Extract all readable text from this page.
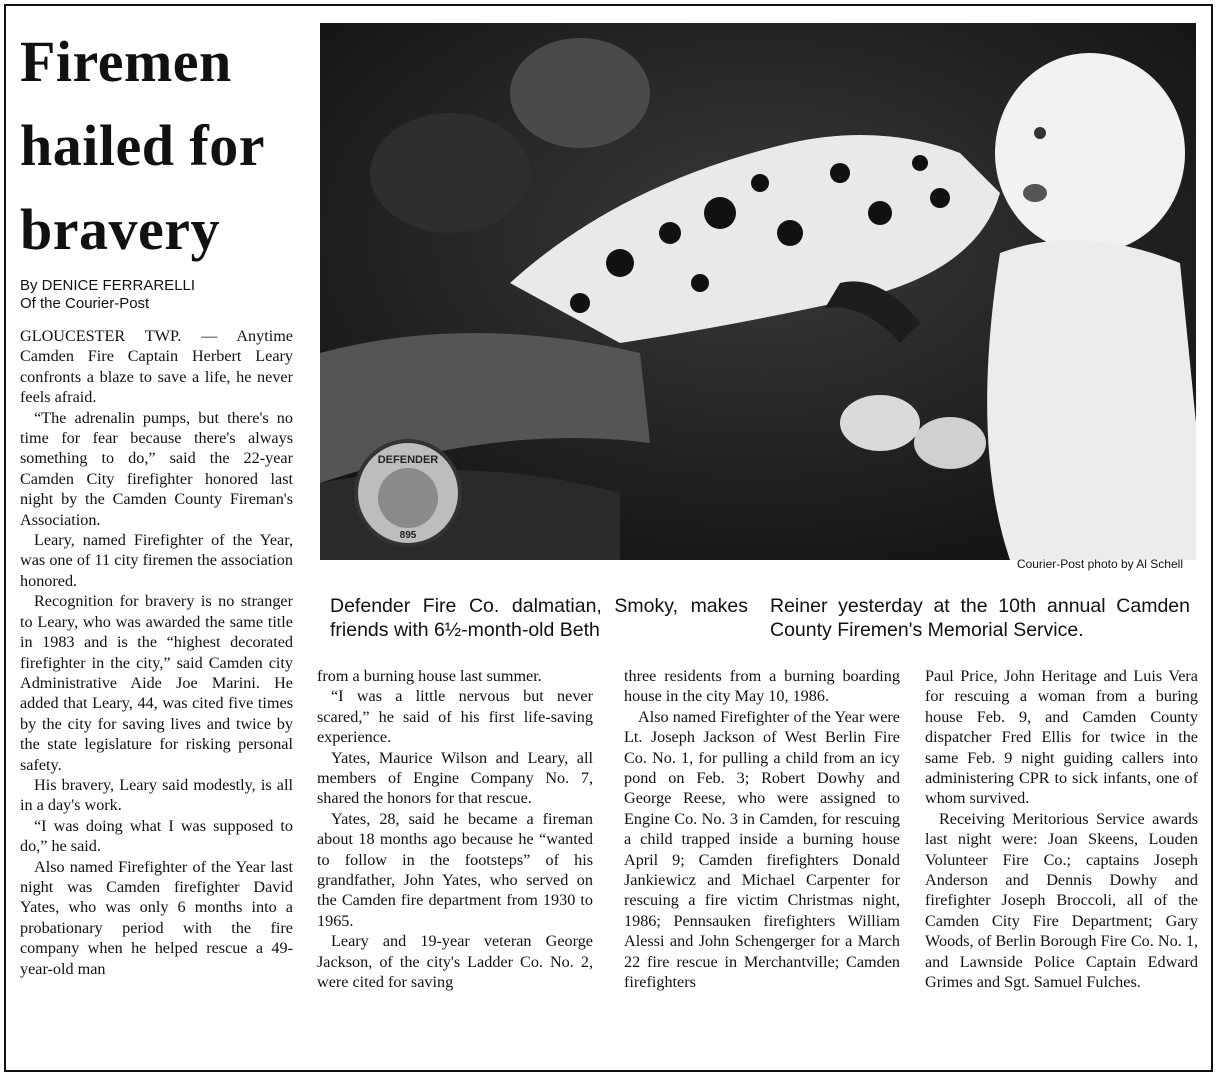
Firemen
hailed for
bravery
By DENICE FERRARELLI
Of the Courier-Post
DEFENDER
895
Courier-Post photo by Al Schell
Defender Fire Co. dalmatian, Smoky, makes friends with 6½-month-old Beth
Reiner yesterday at the 10th annual Camden County Firemen's Memorial Service.

GLOUCESTER TWP. — Anytime Camden Fire Captain Herbert Leary confronts a blaze to save a life, he never feels afraid.

“The adrenalin pumps, but there's no time for fear because there's always something to do,” said the 22-year Camden City firefighter honored last night by the Camden County Fireman's Association.

Leary, named Firefighter of the Year, was one of 11 city firemen the association honored.

Recognition for bravery is no stranger to Leary, who was awarded the same title in 1983 and is the “highest decorated firefighter in the city,” said Camden city Administrative Aide Joe Marini. He added that Leary, 44, was cited five times by the city for saving lives and twice by the state legislature for risking personal safety.

His bravery, Leary said modestly, is all in a day's work.

“I was doing what I was supposed to do,” he said.

Also named Firefighter of the Year last night was Camden firefighter David Yates, who was only 6 months into a probationary period with the fire company when he helped rescue a 49-year-old man

from a burning house last summer.

“I was a little nervous but never scared,” he said of his first life-saving experience.

Yates, Maurice Wilson and Leary, all members of Engine Company No. 7, shared the honors for that rescue.

Yates, 28, said he became a fireman about 18 months ago because he “wanted to follow in the footsteps” of his grandfather, John Yates, who served on the Camden fire department from 1930 to 1965.

Leary and 19-year veteran George Jackson, of the city's Ladder Co. No. 2, were cited for saving

three residents from a burning boarding house in the city May 10, 1986.

Also named Firefighter of the Year were Lt. Joseph Jackson of West Berlin Fire Co. No. 1, for pulling a child from an icy pond on Feb. 3; Robert Dowhy and George Reese, who were assigned to Engine Co. No. 3 in Camden, for rescuing a child trapped inside a burning house April 9; Camden firefighters Donald Jankiewicz and Michael Carpenter for rescuing a fire victim Christmas night, 1986; Pennsauken firefighters William Alessi and John Schengerger for a March 22 fire rescue in Merchantville; Camden firefighters

Paul Price, John Heritage and Luis Vera for rescuing a woman from a buring house Feb. 9, and Camden County dispatcher Fred Ellis for twice in the same Feb. 9 night guiding callers into administering CPR to sick infants, one of whom survived.

Receiving Meritorious Service awards last night were: Joan Skeens, Louden Volunteer Fire Co.; captains Joseph Anderson and Dennis Dowhy and firefighter Joseph Broccoli, all of the Camden City Fire Department; Gary Woods, of Berlin Borough Fire Co. No. 1, and Lawnside Police Captain Edward Grimes and Sgt. Samuel Fulches.
